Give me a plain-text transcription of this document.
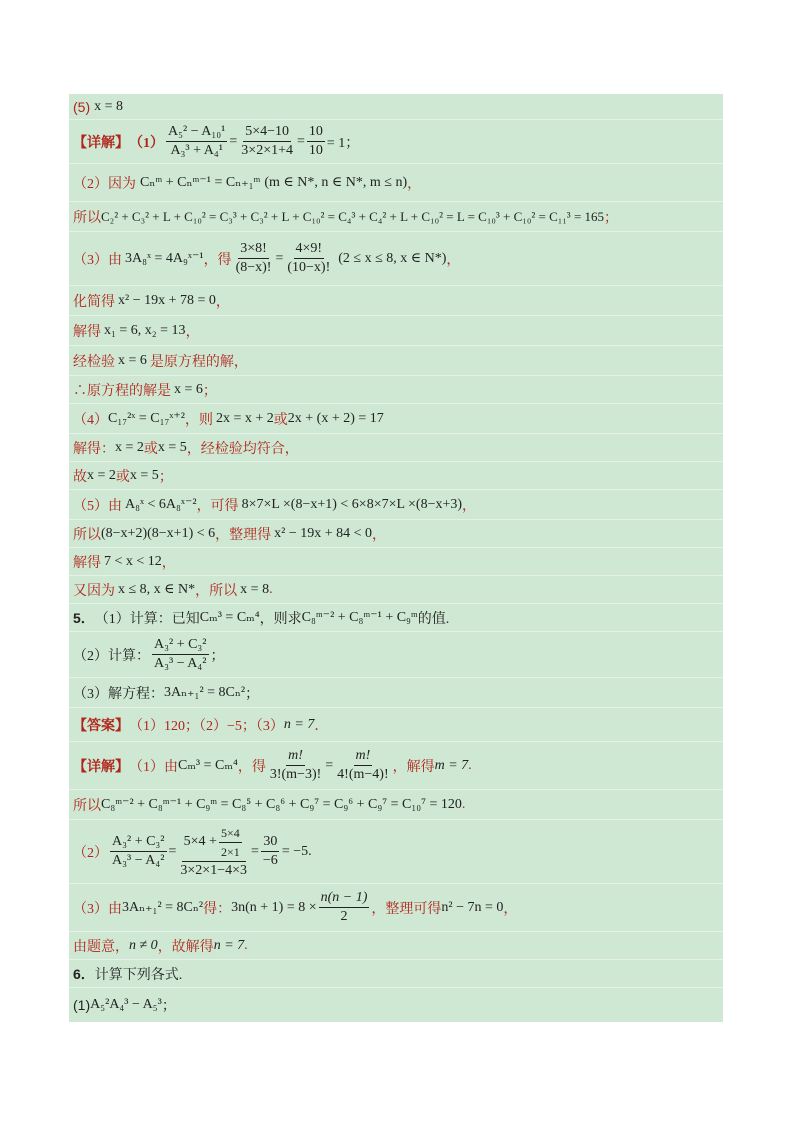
(5) x = 8
【详解】 $(1) \frac{\text{A₅² − A₁₀¹}}{\text{A₃³ + A₄¹}} = \frac{5\times 4-10}{3\times 2\times 1+4} = \frac{10}{10} = 1$；
（2）因为 Cₙᵐ + Cₙᵐ⁻¹ = Cₙ₊₁ᵐ (m ∈ N*, n ∈ N*, m ≤ n) ，
所以 C₂² + C₃² + L + C₁₀² = C₃³ + C₃² + L + C₁₀² = C₄³ + C₄² + L + C₁₀² = L = C₁₀³ + C₁₀² = C₁₁³ = 165 ；
（3）由 3A₈ˣ = 4A₉ˣ⁻¹ ，得 $\frac{3\times 8!}{(8-x)!} = \frac{4\times 9!}{(10-x)!} (2 \le x \le 8$, x ∈ N*) ，
化简得 x² − 19x + 78 = 0 ，
解得 x₁ = 6, x₂ = 13 ，
经检验 x = 6 是原方程的解，
∴原方程的解是 x = 6 ；
（4） C₁₇²ˣ = C₁₇ˣ⁺² ，则 2x = x + 2 或 2x + (x + 2) = 17
解得： x = 2 或 x = 5 ，经检验均符合，
故 x = 2 或 x = 5 ；
（5）由 A₈ˣ < 6A₈ˣ⁻² ，可得 8×7×L ×(8−x+1) < 6×8×7×L ×(8−x+3) ，
所以 (8−x+2)(8−x+1) < 6 ，整理得 x² − 19x + 84 < 0 ，
解得 7 < x < 12 ，
又因为 x ≤ 8, x ∈ N* ，所以 x = 8 .
5． （1）计算：已知 Cₘ³ = Cₘ⁴ ，则求 C₈ᵐ⁻² + C₈ᵐ⁻¹ + C₉ᵐ 的值.
（2）计算： $\frac{\text{A₃² + C₃²}}{\text{A₃³ − A₄²}}$ ；
（3）解方程： 3Aₙ₊₁² = 8Cₙ² ；
【答案】 （1）120 ；（2）−5 ；（3） n = 7 ．
【详解】 （1）由 Cₘ³ = Cₘ⁴ ，得 $\frac{m!}{3!(m-3)!} = \frac{m!}{4!(m-4)!}$ ，解得 m = 7 .
所以 C₈ᵐ⁻² + C₈ᵐ⁻¹ + C₉ᵐ = C₈⁵ + C₈⁶ + C₉⁷ = C₉⁶ + C₉⁷ = C₁₀⁷ = 120 .
$(2) \frac{\text{A₃² + C₃²}}{\text{A₃³ − A₄²}} = \frac{5\times 4 + \frac{5\times 4}{2\times 1}}{3\times 2\times 1-4\times 3} = \frac{30}{-6} = -5$.
（3）由 3Aₙ₊₁² = 8Cₙ² 得： $3n(n + 1) = 8 \times \frac{n(n - 1)}{2}$ ，整理可得 n² − 7n = 0 ，
由题意， n ≠ 0 ，故解得 n = 7 .
6． 计算下列各式.
(1) A₅²A₄³ − A₅³ ；
